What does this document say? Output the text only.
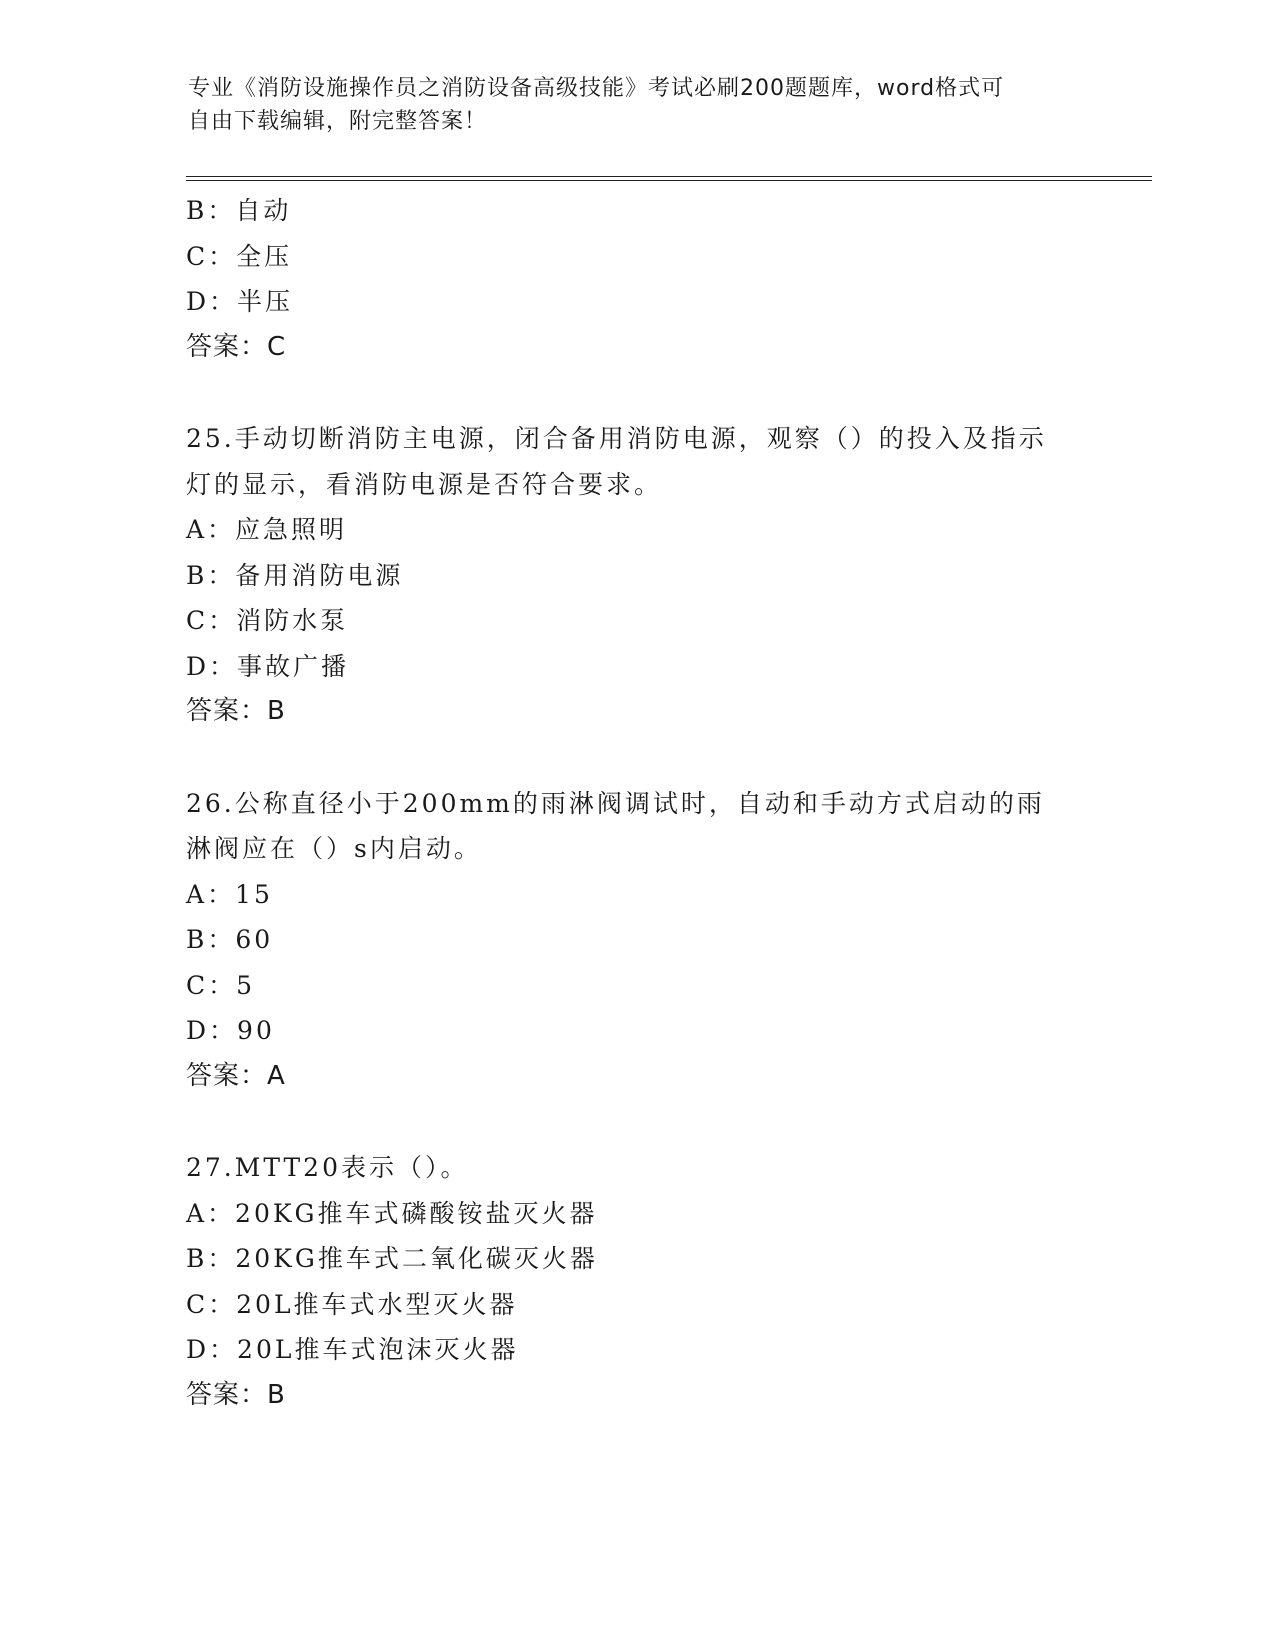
专业《消防设施操作员之消防设备高级技能》考试必刷200题题库，word格式可
自由下载编辑，附完整答案！
B：自动
C：全压
D：半压
答案：C
25.手动切断消防主电源，闭合备用消防电源，观察（）的投入及指示灯的显示，看消防电源是否符合要求。
A：应急照明
B：备用消防电源
C：消防水泵
D：事故广播
答案：B
26.公称直径小于200mm的雨淋阀调试时，自动和手动方式启动的雨淋阀应在（）s内启动。
A：15
B：60
C：5
D：90
答案：A
27.MTT20表示（）。
A：20KG推车式磷酸铵盐灭火器
B：20KG推车式二氧化碳灭火器
C：20L推车式水型灭火器
D：20L推车式泡沫灭火器
答案：B
